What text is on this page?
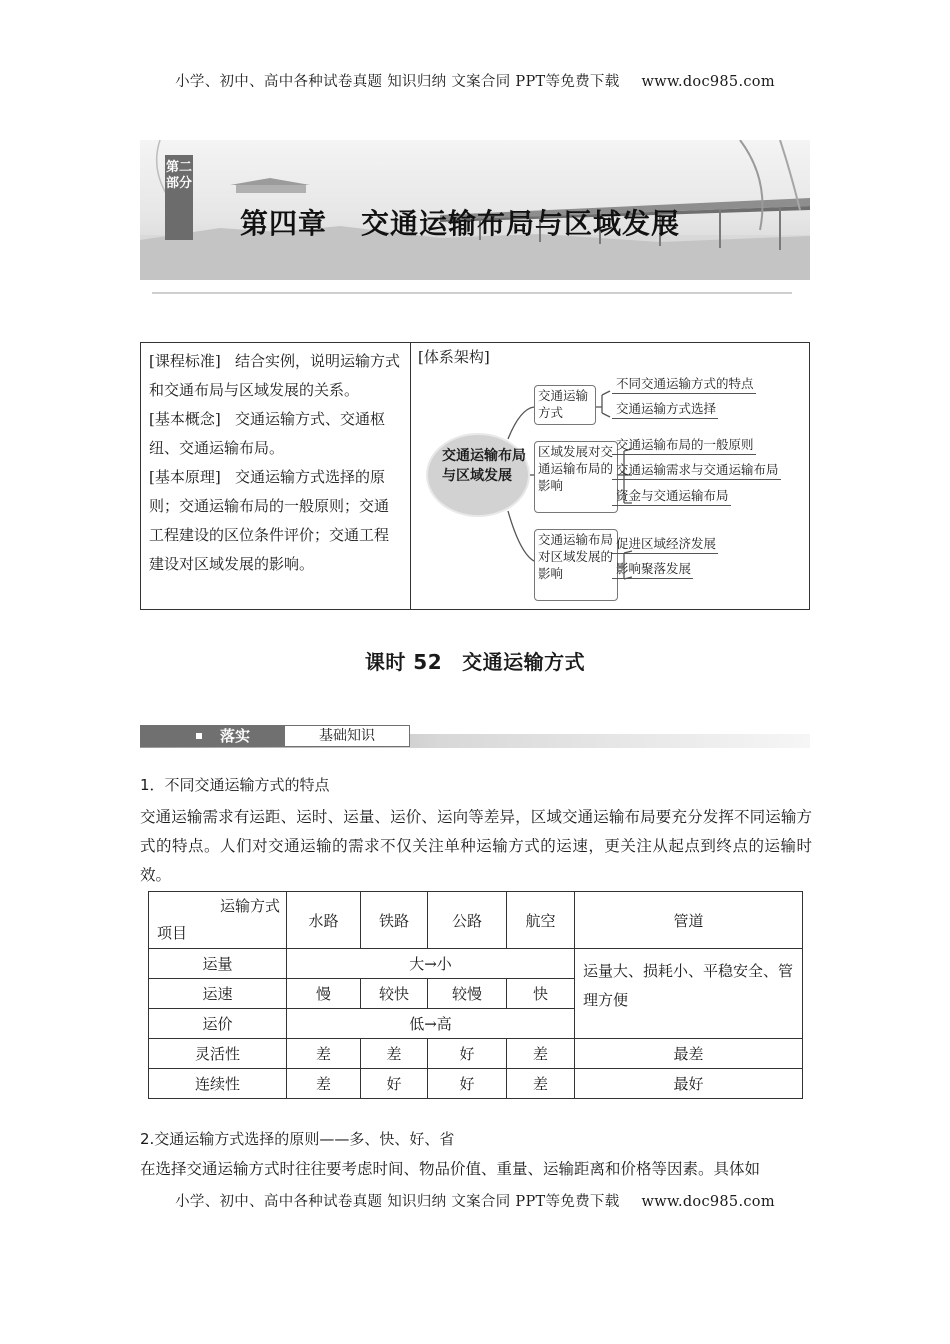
小学、初中、高中各种试卷真题 知识归纳 文案合同 PPT等免费下载 www.doc985.com
第二部分
第四章 交通运输布局与区域发展
[课程标准] 结合实例，说明运输方式和交通布局与区域发展的关系。
[基本概念] 交通运输方式、交通枢纽、交通运输布局。
[基本原理] 交通运输方式选择的原则；交通运输布局的一般原则；交通工程建设的区位条件评价；交通工程建设对区域发展的影响。
[体系架构]
交通运输布局与区域发展
交通运输方式
不同交通运输方式的特点
交通运输方式选择
区域发展对交通运输布局的影响
交通运输布局的一般原则
交通运输需求与交通运输布局
资金与交通运输布局
交通运输布局对区域发展的影响
促进区域经济发展
影响聚落发展
课时 52 交通运输方式
落实	基础知识
1．不同交通运输方式的特点
交通运输需求有运距、运时、运量、运价、运向等差异，区域交通运输布局要充分发挥不同运输方式的特点。人们对交通运输的需求不仅关注单种运输方式的运速，更关注从起点到终点的运输时效。
运输方式
项目	水路	铁路	公路	航空	管道
运量	大→小				运量大、损耗小、平稳安全、管理方便
运速	慢	较快	较慢	快	
运价	低→高				
灵活性	差	差	好	差	最差
连续性	差	好	好	差	最好
2.交通运输方式选择的原则——多、快、好、省
在选择交通运输方式时往往要考虑时间、物品价值、重量、运输距离和价格等因素。具体如
小学、初中、高中各种试卷真题 知识归纳 文案合同 PPT等免费下载 www.doc985.com
